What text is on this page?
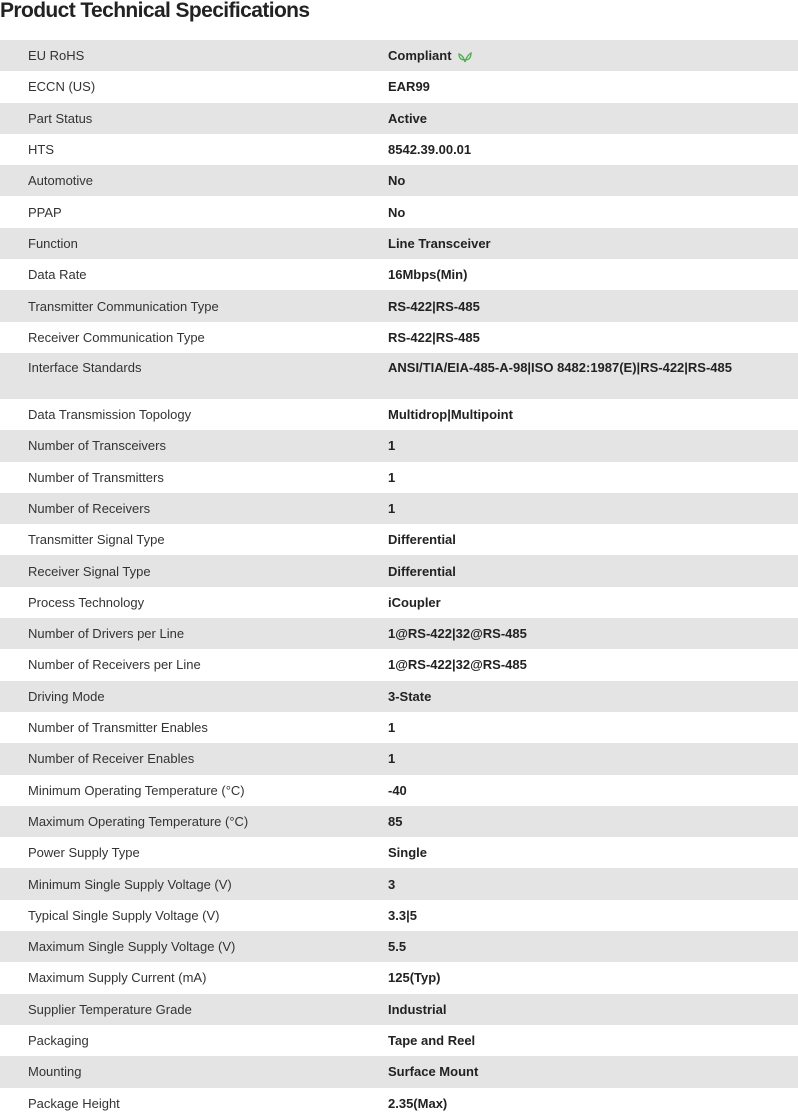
Product Technical Specifications
EU RoHS	Compliant
ECCN (US)	EAR99
Part Status	Active
HTS	8542.39.00.01
Automotive	No
PPAP	No
Function	Line Transceiver
Data Rate	16Mbps(Min)
Transmitter Communication Type	RS-422|RS-485
Receiver Communication Type	RS-422|RS-485
Interface Standards	ANSI/TIA/EIA-485-A-98|ISO 8482:1987(E)|RS-422|RS-485
Data Transmission Topology	Multidrop|Multipoint
Number of Transceivers	1
Number of Transmitters	1
Number of Receivers	1
Transmitter Signal Type	Differential
Receiver Signal Type	Differential
Process Technology	iCoupler
Number of Drivers per Line	1@RS-422|32@RS-485
Number of Receivers per Line	1@RS-422|32@RS-485
Driving Mode	3-State
Number of Transmitter Enables	1
Number of Receiver Enables	1
Minimum Operating Temperature (°C)	-40
Maximum Operating Temperature (°C)	85
Power Supply Type	Single
Minimum Single Supply Voltage (V)	3
Typical Single Supply Voltage (V)	3.3|5
Maximum Single Supply Voltage (V)	5.5
Maximum Supply Current (mA)	125(Typ)
Supplier Temperature Grade	Industrial
Packaging	Tape and Reel
Mounting	Surface Mount
Package Height	2.35(Max)
